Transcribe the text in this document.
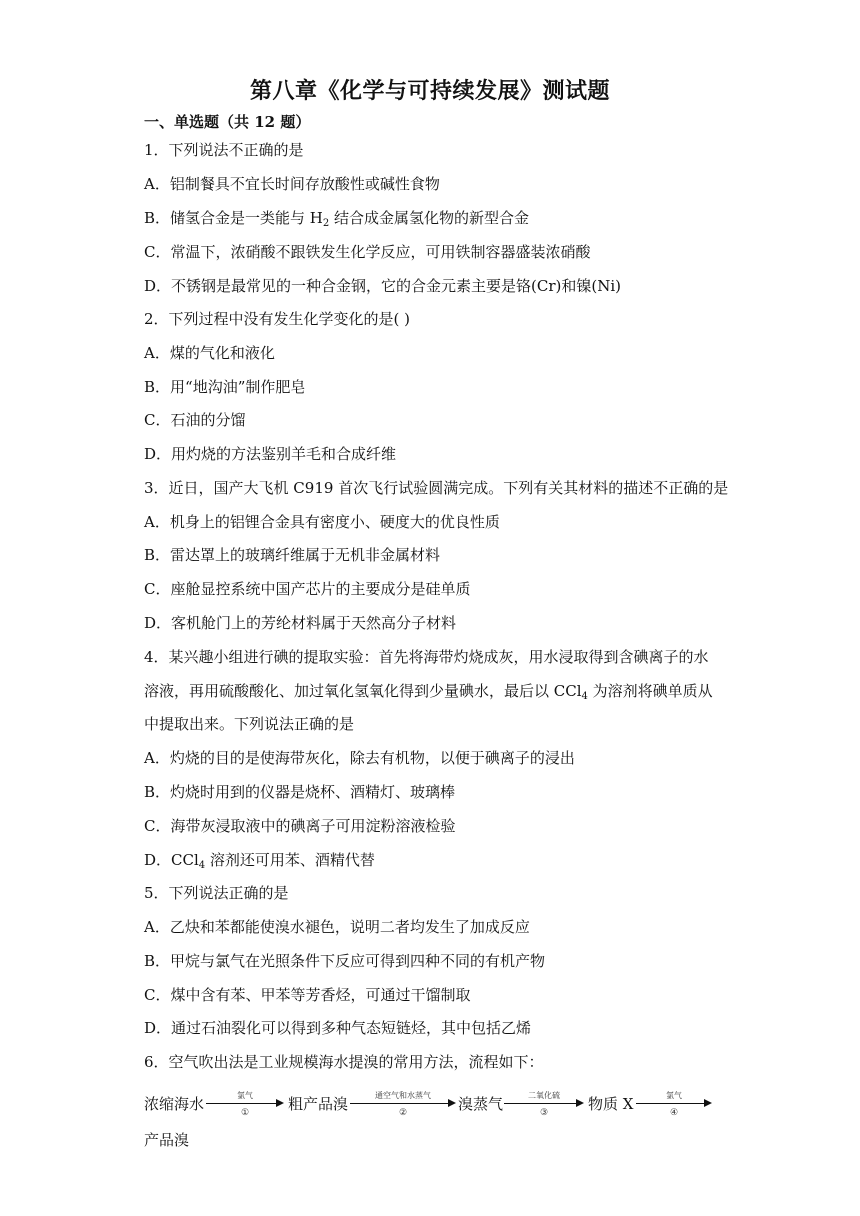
第八章《化学与可持续发展》测试题
一、单选题（共 12 题）
1．下列说法不正确的是
A．铝制餐具不宜长时间存放酸性或碱性食物
B．储氢合金是一类能与 $H_2$ 结合成金属氢化物的新型合金
C．常温下，浓硝酸不跟铁发生化学反应，可用铁制容器盛装浓硝酸
D．不锈钢是最常见的一种合金钢，它的合金元素主要是铬(Cr)和镍(Ni)
2．下列过程中没有发生化学变化的是( )
A．煤的气化和液化
B．用“地沟油”制作肥皂
C．石油的分馏
D．用灼烧的方法鉴别羊毛和合成纤维
3．近日，国产大飞机 C919 首次飞行试验圆满完成。下列有关其材料的描述不正确的是
A．机身上的铝锂合金具有密度小、硬度大的优良性质
B．雷达罩上的玻璃纤维属于无机非金属材料
C．座舱显控系统中国产芯片的主要成分是硅单质
D．客机舱门上的芳纶材料属于天然高分子材料
4．某兴趣小组进行碘的提取实验：首先将海带灼烧成灰，用水浸取得到含碘离子的水
溶液，再用硫酸酸化、加过氧化氢氧化得到少量碘水，最后以 CCl$_4$ 为溶剂将碘单质从
中提取出来。下列说法正确的是
A．灼烧的目的是使海带灰化，除去有机物，以便于碘离子的浸出
B．灼烧时用到的仪器是烧杯、酒精灯、玻璃棒
C．海带灰浸取液中的碘离子可用淀粉溶液检验
D．CCl$_4$ 溶剂还可用苯、酒精代替
5．下列说法正确的是
A．乙炔和苯都能使溴水褪色，说明二者均发生了加成反应
B．甲烷与氯气在光照条件下反应可得到四种不同的有机产物
C．煤中含有苯、甲苯等芳香烃，可通过干馏制取
D．通过石油裂化可以得到多种气态短链烃，其中包括乙烯
6．空气吹出法是工业规模海水提溴的常用方法，流程如下：
浓缩海水	氯气
①	粗产品溴	通空气和水蒸气
②	溴蒸气	二氧化硫
③	物质 X	氯气
④
产品溴
